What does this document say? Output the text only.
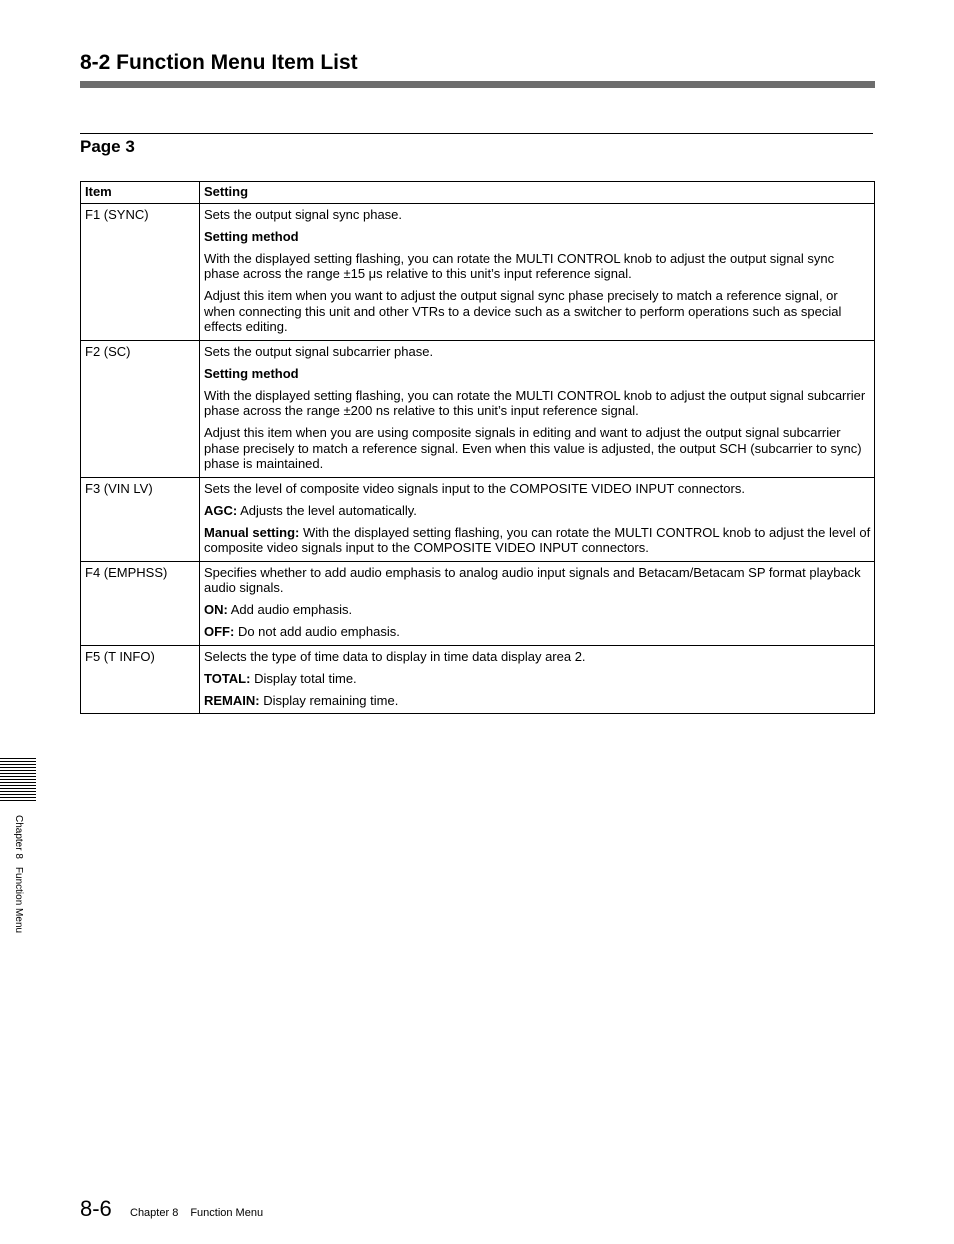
8-2 Function Menu Item List
Page 3
Item	Setting
F1 (SYNC)	Sets the output signal sync phase.

Setting method

With the displayed setting flashing, you can rotate the MULTI CONTROL knob to adjust the output signal sync phase across the range ±15 μs relative to this unit’s input reference signal.

Adjust this item when you want to adjust the output signal sync phase precisely to match a reference signal, or when connecting this unit and other VTRs to a device such as a switcher to perform operations such as special effects editing.

F2 (SC)	Sets the output signal subcarrier phase.

Setting method

With the displayed setting flashing, you can rotate the MULTI CONTROL knob to adjust the output signal subcarrier phase across the range ±200 ns relative to this unit’s input reference signal.

Adjust this item when you are using composite signals in editing and want to adjust the output signal subcarrier phase precisely to match a reference signal. Even when this value is adjusted, the output SCH (subcarrier to sync) phase is maintained.

F3 (VIN LV)	Sets the level of composite video signals input to the COMPOSITE VIDEO INPUT connectors.

AGC: Adjusts the level automatically.

Manual setting: With the displayed setting flashing, you can rotate the MULTI CONTROL knob to adjust the level of composite video signals input to the COMPOSITE VIDEO INPUT connectors.

F4 (EMPHSS)	Specifies whether to add audio emphasis to analog audio input signals and Betacam/Betacam SP format playback audio signals.

ON: Add audio emphasis.

OFF: Do not add audio emphasis.

F5 (T INFO)	Selects the type of time data to display in time data display area 2.

TOTAL: Display total time.

REMAIN: Display remaining time.

Chapter 8Function Menu
8-6 Chapter 8 Function Menu
